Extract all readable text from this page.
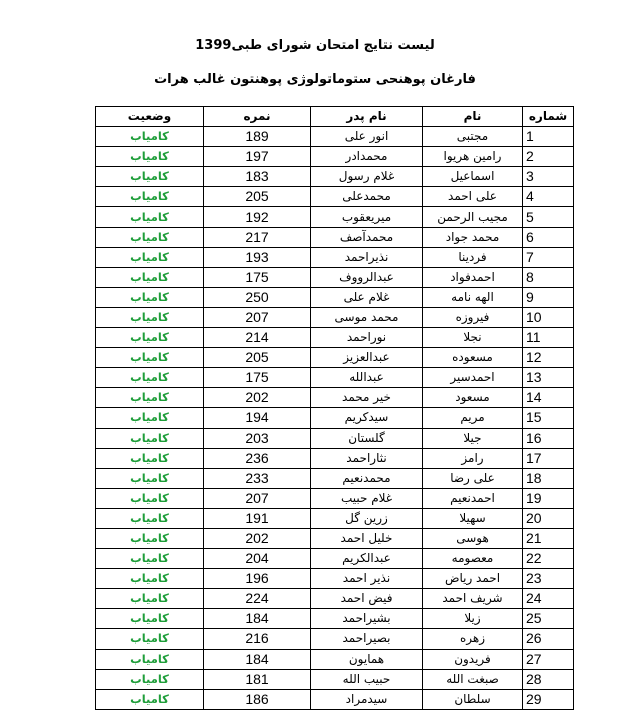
لیست نتایج امتحان شورای طبی1399
فارغان پوهنحی ستوماتولوژی پوهنتون غالب هرات
وضعیت	نمره	نام پدر	نام	شماره
کامیاب	189	انور علی	مجتبی	1
کامیاب	197	محمدادر	رامین هریوا	2
کامیاب	183	غلام رسول	اسماعیل	3
کامیاب	205	محمدعلی	علی احمد	4
کامیاب	192	میریعقوب	مجیب الرحمن	5
کامیاب	217	محمدآصف	محمد جواد	6
کامیاب	193	نذیراحمد	فردینا	7
کامیاب	175	عبدالرووف	احمدفواد	8
کامیاب	250	غلام علی	الهه نامه	9
کامیاب	207	محمد موسی	فیروزه	10
کامیاب	214	نوراحمد	نجلا	11
کامیاب	205	عبدالعزیز	مسعوده	12
کامیاب	175	عبدالله	احمدسیر	13
کامیاب	202	خیر محمد	مسعود	14
کامیاب	194	سیدکریم	مریم	15
کامیاب	203	گلستان	جیلا	16
کامیاب	236	نثاراحمد	رامز	17
کامیاب	233	محمدنعیم	علی رضا	18
کامیاب	207	غلام حبیب	احمدنعیم	19
کامیاب	191	زرین گل	سهیلا	20
کامیاب	202	خلیل احمد	هوسی	21
کامیاب	204	عبدالکریم	معصومه	22
کامیاب	196	نذیر احمد	احمد ریاض	23
کامیاب	224	فیض احمد	شریف احمد	24
کامیاب	184	بشیراحمد	زیلا	25
کامیاب	216	بصیراحمد	زهره	26
کامیاب	184	همایون	فریدون	27
کامیاب	181	حبیب الله	صبغت الله	28
کامیاب	186	سیدمراد	سلطان	29
